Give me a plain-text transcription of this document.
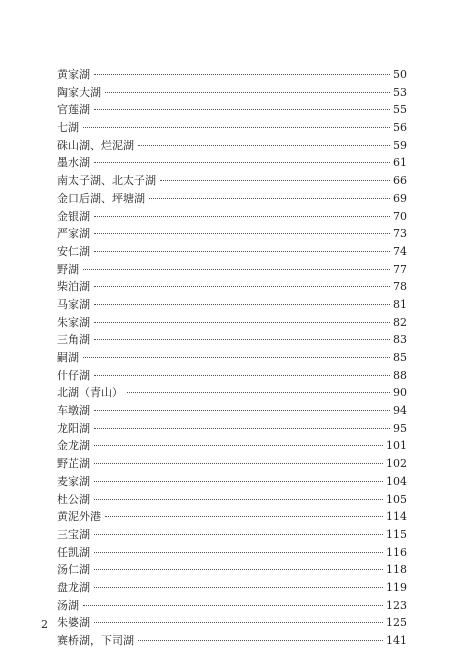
黄家湖	50
陶家大湖	53
官莲湖	55
七湖	56
硃山湖、烂泥湖	59
墨水湖	61
南太子湖、北太子湖	66
金口后湖、坪塘湖	69
金银湖	70
严家湖	73
安仁湖	74
野湖	77
柴泊湖	78
马家湖	81
朱家湖	82
三角湖	83
嗣湖	85
什仔湖	88
北湖（青山）	90
车墩湖	94
龙阳湖	95
金龙湖	101
野芷湖	102
麦家湖	104
杜公湖	105
黄泥外港	114
三宝湖	115
任凯湖	116
汤仁湖	118
盘龙湖	119
汤湖	123
朱婆湖	125
赛桥湖，下司湖	141
2
